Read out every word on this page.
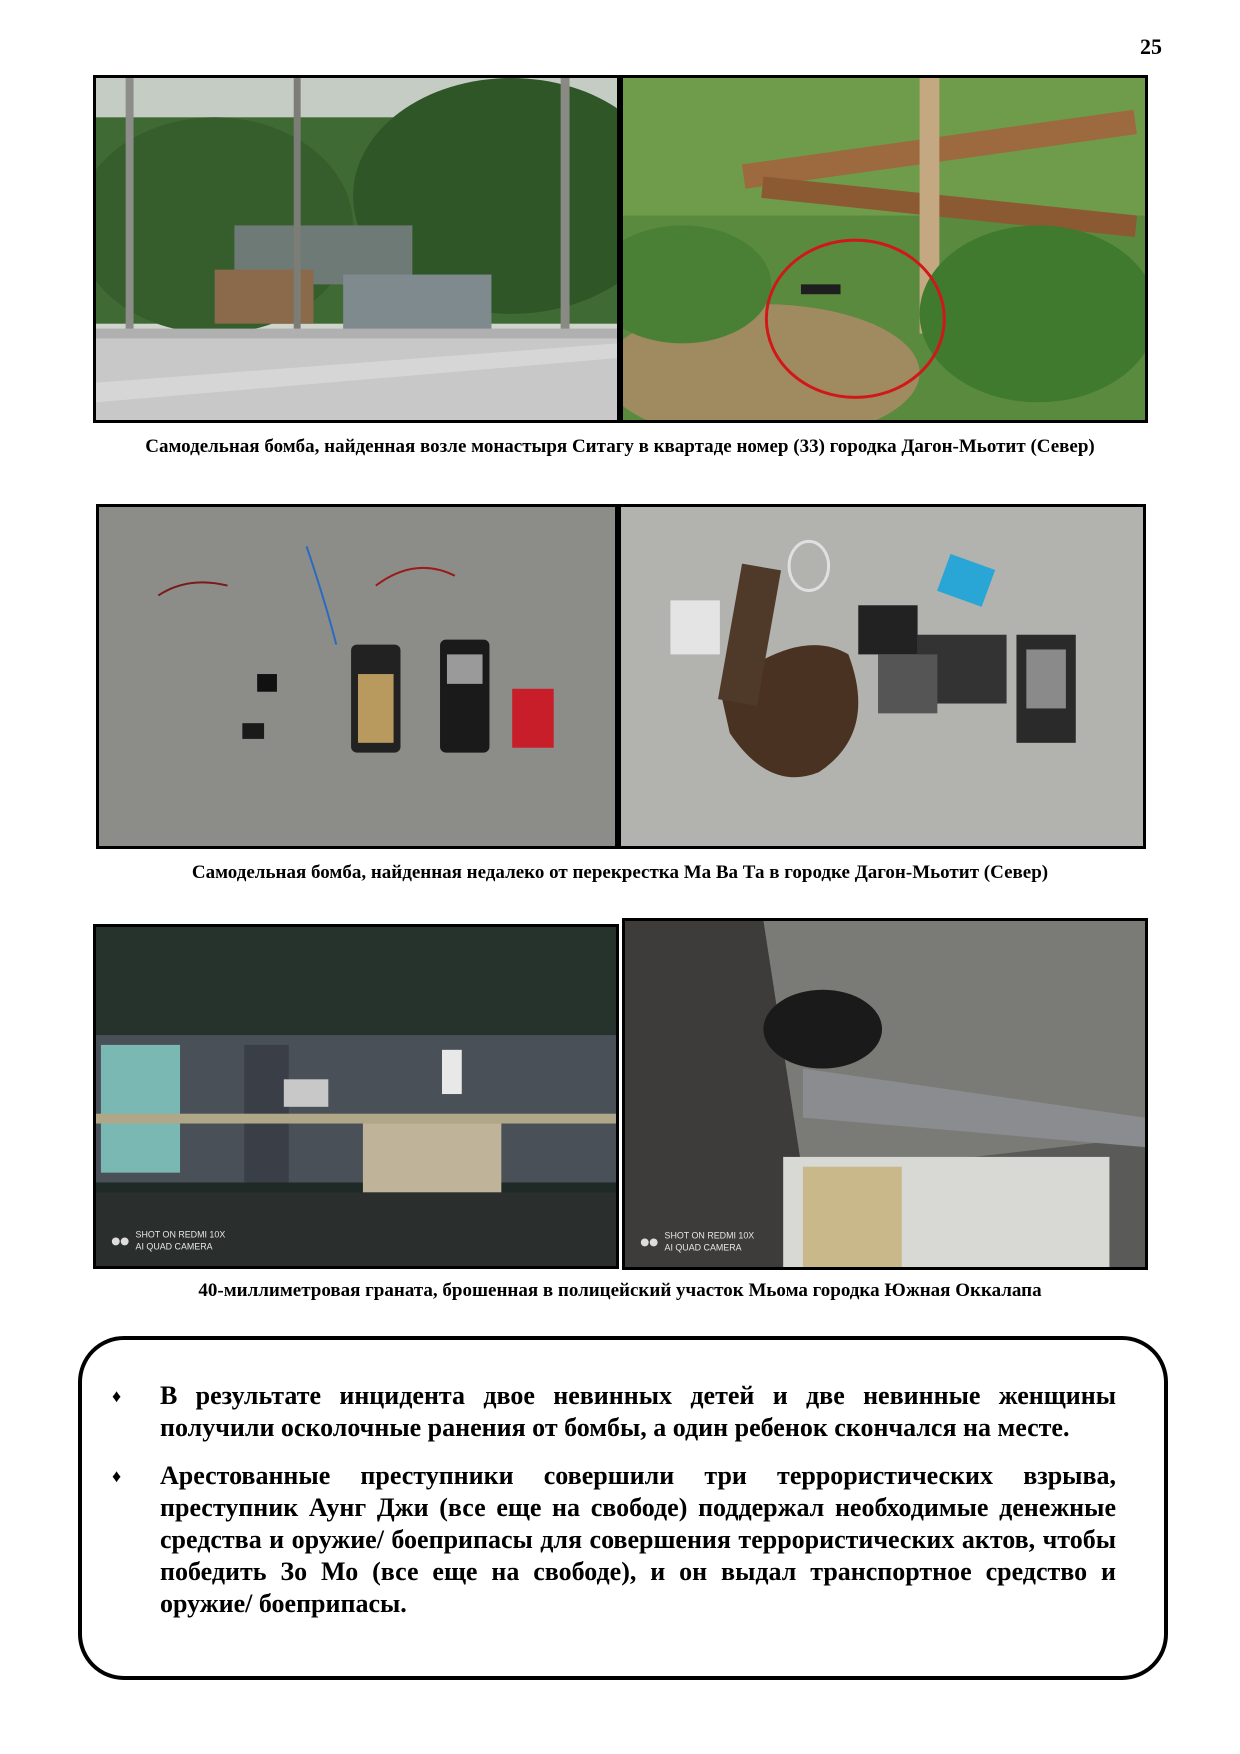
25
Самодельная бомба, найденная возле монастыря Ситагу в квартаде номер (33) городка Дагон-Мьотит (Север)
Самодельная бомба, найденная недалеко от перекрестка Ма Ва Та в городке Дагон-Мьотит (Север)
SHOT ON REDMI 10X
AI QUAD CAMERA
SHOT ON REDMI 10X
AI QUAD CAMERA
40-миллиметровая граната, брошенная в полицейский участок Мьома городка Южная Оккалапа
♦ В результате инцидента двое невинных детей и две невинные женщины получили осколочные ранения от бомбы, а один ребенок скончался на месте.
♦ Арестованные преступники совершили три террористических взрыва, преступник Аунг Джи (все еще на свободе) поддержал необходимые денежные средства и оружие/ боеприпасы для совершения террористических актов, чтобы победить Зо Мо (все еще на свободе), и он выдал транспортное средство и оружие/ боеприпасы.
